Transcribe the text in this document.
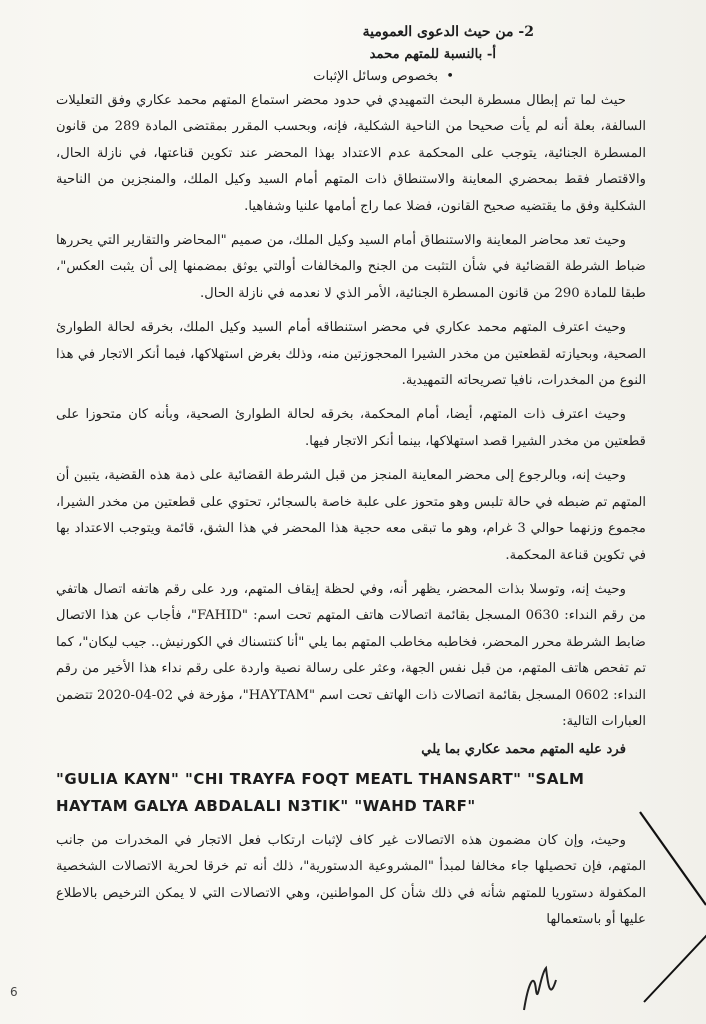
2- من حيث الدعوى العمومية
أ- بالنسبة للمتهم محمد
• بخصوص وسائل الإثبات

حيث لما تم إبطال مسطرة البحث التمهيدي في حدود محضر استماع المتهم محمد عكاري وفق التعليلات السالفة، بعلة أنه لم يأت صحيحا من الناحية الشكلية، فإنه، وبحسب المقرر بمقتضى المادة 289 من قانون المسطرة الجنائية، يتوجب على المحكمة عدم الاعتداد بهذا المحضر عند تكوين قناعتها، في نازلة الحال، والاقتصار فقط بمحضري المعاينة والاستنطاق ذات المتهم أمام السيد وكيل الملك، والمنجزين من الناحية الشكلية وفق ما يقتضيه صحيح القانون، فضلا عما راج أمامها علنيا وشفاهيا.

وحيث تعد محاضر المعاينة والاستنطاق أمام السيد وكيل الملك، من صميم "المحاضر والتقارير التي يحررها ضباط الشرطة القضائية في شأن التثبت من الجنح والمخالفات أوالتي يوثق بمضمنها إلى أن يثبت العكس"، طبقا للمادة 290 من قانون المسطرة الجنائية، الأمر الذي لا نعدمه في نازلة الحال.

وحيث اعترف المتهم محمد عكاري في محضر استنطاقه أمام السيد وكيل الملك، بخرقه لحالة الطوارئ الصحية، وبحيازته لقطعتين من مخدر الشيرا المحجوزتين منه، وذلك بغرض استهلاكها، فيما أنكر الاتجار في هذا النوع من المخدرات، نافيا تصريحاته التمهيدية.

وحيث اعترف ذات المتهم، أيضا، أمام المحكمة، بخرقه لحالة الطوارئ الصحية، وبأنه كان متحوزا على قطعتين من مخدر الشيرا قصد استهلاكها، بينما أنكر الاتجار فيها.

وحيث إنه، وبالرجوع إلى محضر المعاينة المنجز من قبل الشرطة القضائية على ذمة هذه القضية، يتبين أن المتهم تم ضبطه في حالة تلبس وهو متحوز على علبة خاصة بالسجائر، تحتوي على قطعتين من مخدر الشيرا، مجموع وزنهما حوالي 3 غرام، وهو ما تبقى معه حجية هذا المحضر في هذا الشق، قائمة ويتوجب الاعتداد بها في تكوين قناعة المحكمة.

وحيث إنه، وتوسلا بذات المحضر، يظهر أنه، وفي لحظة إيقاف المتهم، ورد على رقم هاتفه اتصال هاتفي من رقم النداء: 0630 المسجل بقائمة اتصالات هاتف المتهم تحت اسم: "FAHID"، فأجاب عن هذا الاتصال ضابط الشرطة محرر المحضر، فخاطبه مخاطب المتهم بما يلي "أنا كنتسناك في الكورنيش.. جيب ليكان"، كما تم تفحص هاتف المتهم، من قبل نفس الجهة، وعثر على رسالة نصية واردة على رقم نداء هذا الأخير من رقم النداء: 0602 المسجل بقائمة اتصالات ذات الهاتف تحت اسم "HAYTAM"، مؤرخة في 02-04-2020 تتضمن العبارات التالية:

فرد عليه المتهم محمد عكاري بما يلي
"GULIA KAYN" "CHI TRAYFA FOQT MEATL THANSART" "SALM HAYTAM GALYA ABDALALI N3TIK" "WAHD TARF"

وحيث، وإن كان مضمون هذه الاتصالات غير كاف لإثبات ارتكاب فعل الاتجار في المخدرات من جانب المتهم، فإن تحصيلها جاء مخالفا لمبدأ "المشروعية الدستورية"، ذلك أنه تم خرقا لحرية الاتصالات الشخصية المكفولة دستوريا للمتهم شأنه في ذلك شأن كل المواطنين، وهي الاتصالات التي لا يمكن الترخيص بالاطلاع عليها أو باستعمالها

6
